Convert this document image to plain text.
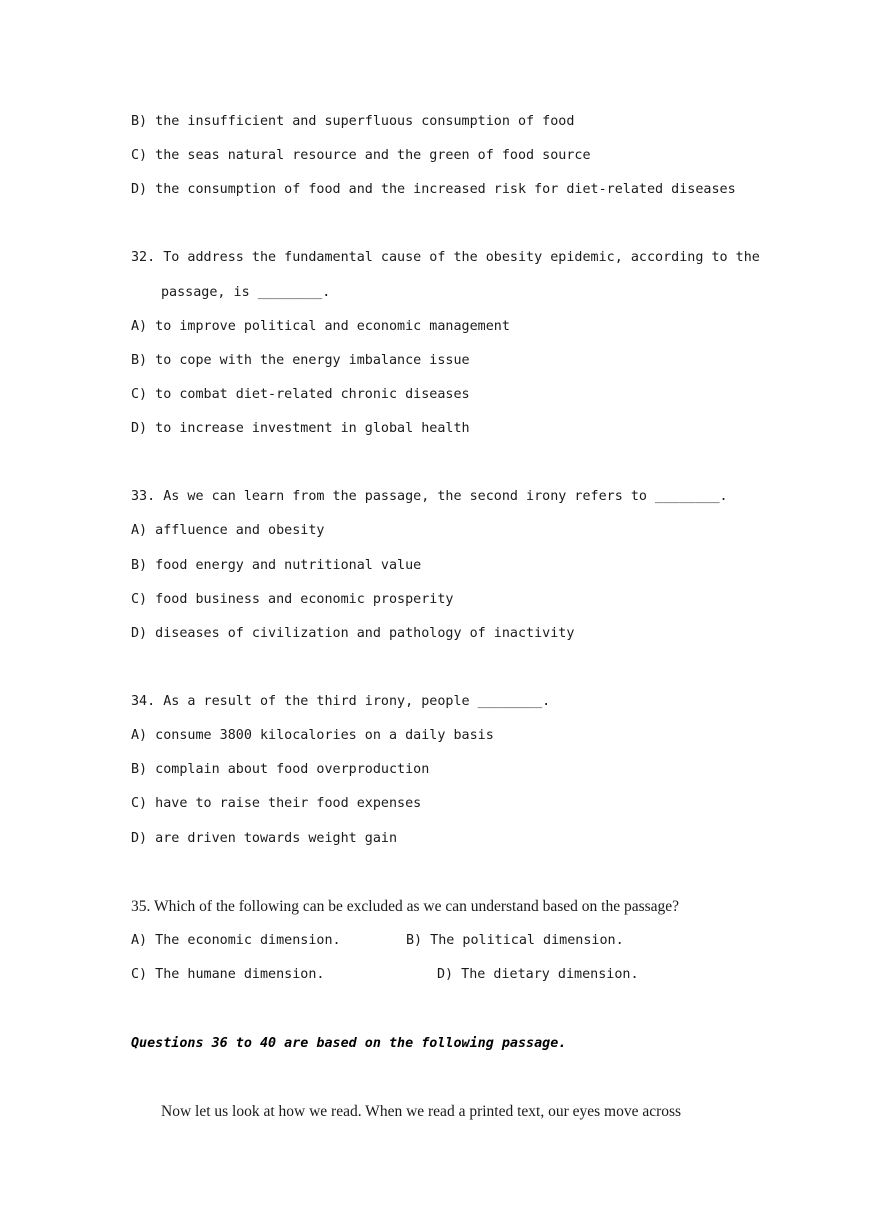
B) the insufficient and superfluous consumption of food
C) the seas natural resource and the green of food source
D) the consumption of food and the increased risk for diet-related diseases
32. To address the fundamental cause of the obesity epidemic, according to the
passage, is ________.
A) to improve political and economic management
B) to cope with the energy imbalance issue
C) to combat diet-related chronic diseases
D) to increase investment in global health
33. As we can learn from the passage, the second irony refers to ________.
A) affluence and obesity
B) food energy and nutritional value
C) food business and economic prosperity
D) diseases of civilization and pathology of inactivity
34. As a result of the third irony, people ________.
A) consume 3800 kilocalories on a daily basis
B) complain about food overproduction
C) have to raise their food expenses
D) are driven towards weight gain
35. Which of the following can be excluded as we can understand based on the passage?
A) The economic dimension.	B) The political dimension.
C) The humane dimension.	D) The dietary dimension.
Questions 36 to 40 are based on the following passage.
Now let us look at how we read. When we read a printed text, our eyes move across
